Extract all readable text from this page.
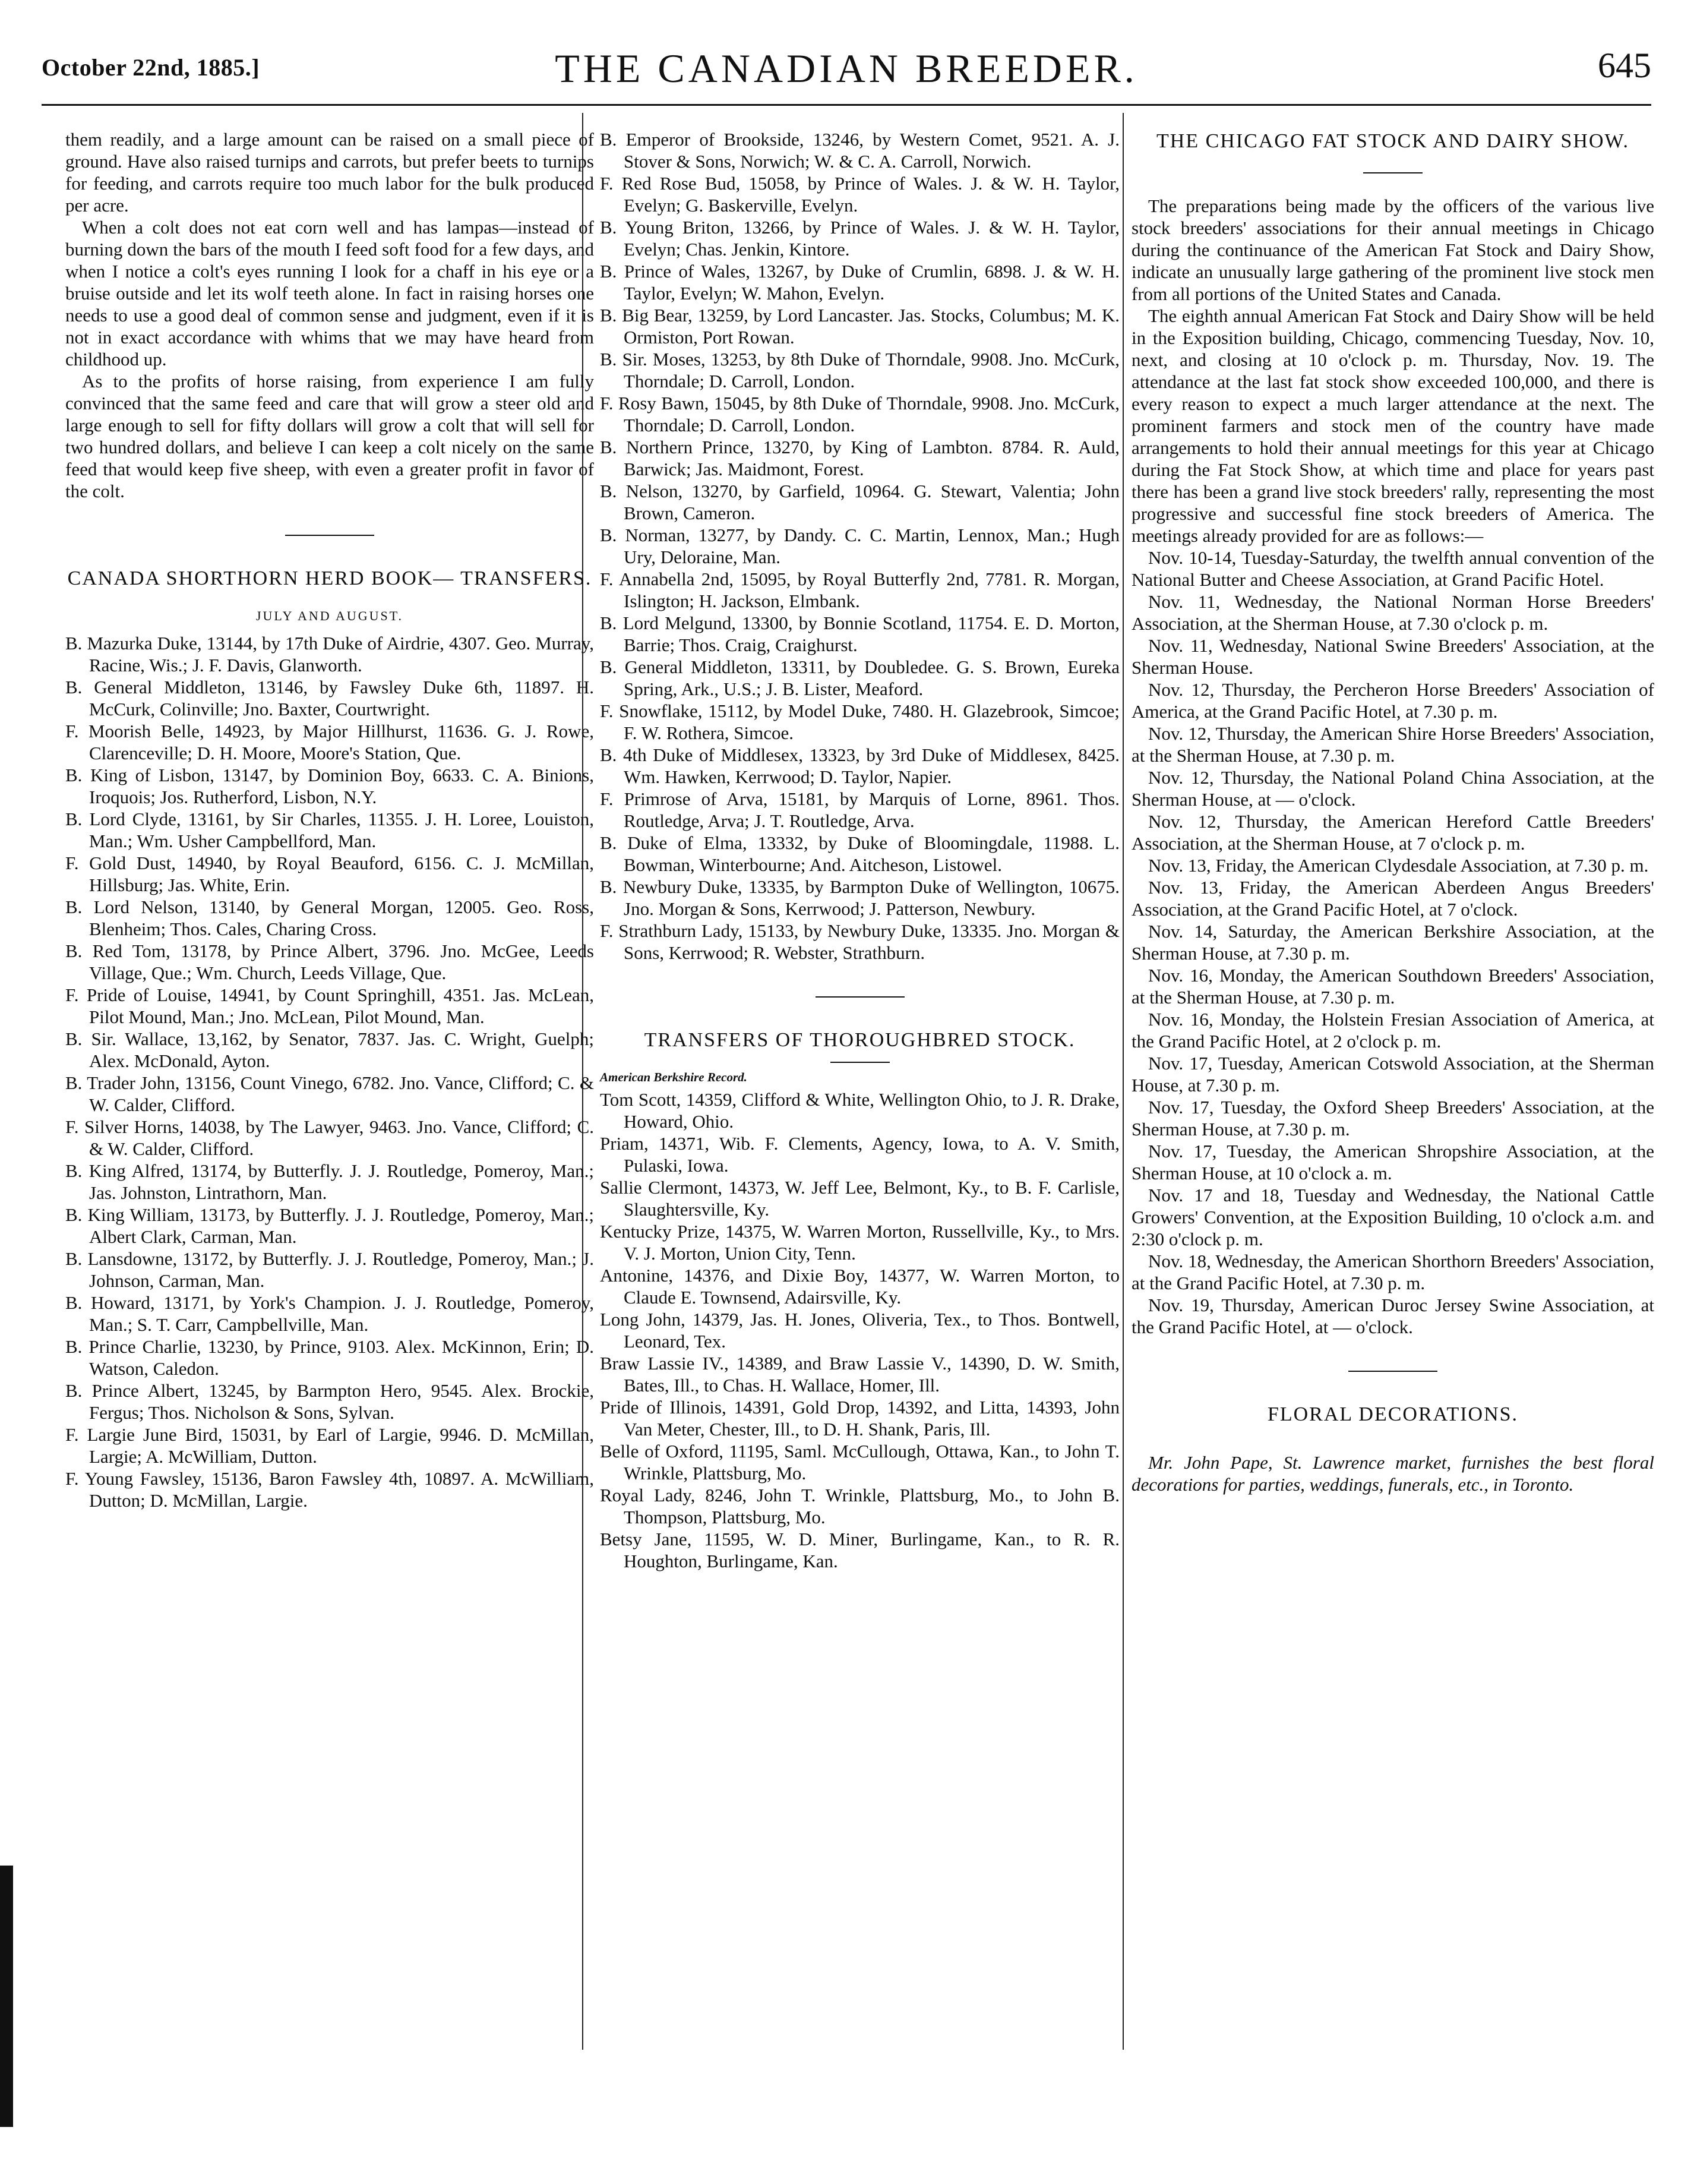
October 22nd, 1885.]	THE CANADIAN BREEDER.	645

them readily, and a large amount can be raised on a small piece of ground. Have also raised turnips and carrots, but prefer beets to turnips for feeding, and carrots require too much labor for the bulk produced per acre.

When a colt does not eat corn well and has lampas—instead of burning down the bars of the mouth I feed soft food for a few days, and when I notice a colt's eyes running I look for a chaff in his eye or a bruise outside and let its wolf teeth alone. In fact in raising horses one needs to use a good deal of common sense and judgment, even if it is not in exact accordance with whims that we may have heard from childhood up.

As to the profits of horse raising, from experience I am fully convinced that the same feed and care that will grow a steer old and large enough to sell for fifty dollars will grow a colt that will sell for two hundred dollars, and believe I can keep a colt nicely on the same feed that would keep five sheep, with even a greater profit in favor of the colt.

CANADA SHORTHORN HERD BOOK— TRANSFERS.
JULY AND AUGUST.

B. Mazurka Duke, 13144, by 17th Duke of Airdrie, 4307. Geo. Murray, Racine, Wis.; J. F. Davis, Glanworth.

B. General Middleton, 13146, by Fawsley Duke 6th, 11897. H. McCurk, Colinville; Jno. Baxter, Courtwright.

F. Moorish Belle, 14923, by Major Hillhurst, 11636. G. J. Rowe, Clarenceville; D. H. Moore, Moore's Station, Que.

B. King of Lisbon, 13147, by Dominion Boy, 6633. C. A. Binions, Iroquois; Jos. Rutherford, Lisbon, N.Y.

B. Lord Clyde, 13161, by Sir Charles, 11355. J. H. Loree, Louiston, Man.; Wm. Usher Campbellford, Man.

F. Gold Dust, 14940, by Royal Beauford, 6156. C. J. McMillan, Hillsburg; Jas. White, Erin.

B. Lord Nelson, 13140, by General Morgan, 12005. Geo. Ross, Blenheim; Thos. Cales, Charing Cross.

B. Red Tom, 13178, by Prince Albert, 3796. Jno. McGee, Leeds Village, Que.; Wm. Church, Leeds Village, Que.

F. Pride of Louise, 14941, by Count Springhill, 4351. Jas. McLean, Pilot Mound, Man.; Jno. McLean, Pilot Mound, Man.

B. Sir. Wallace, 13,162, by Senator, 7837. Jas. C. Wright, Guelph; Alex. McDonald, Ayton.

B. Trader John, 13156, Count Vinego, 6782. Jno. Vance, Clifford; C. & W. Calder, Clifford.

F. Silver Horns, 14038, by The Lawyer, 9463. Jno. Vance, Clifford; C. & W. Calder, Clifford.

B. King Alfred, 13174, by Butterfly. J. J. Routledge, Pomeroy, Man.; Jas. Johnston, Lintrathorn, Man.

B. King William, 13173, by Butterfly. J. J. Routledge, Pomeroy, Man.; Albert Clark, Carman, Man.

B. Lansdowne, 13172, by Butterfly. J. J. Routledge, Pomeroy, Man.; J. Johnson, Carman, Man.

B. Howard, 13171, by York's Champion. J. J. Routledge, Pomeroy, Man.; S. T. Carr, Campbellville, Man.

B. Prince Charlie, 13230, by Prince, 9103. Alex. McKinnon, Erin; D. Watson, Caledon.

B. Prince Albert, 13245, by Barmpton Hero, 9545. Alex. Brockie, Fergus; Thos. Nicholson & Sons, Sylvan.

F. Largie June Bird, 15031, by Earl of Largie, 9946. D. McMillan, Largie; A. McWilliam, Dutton.

F. Young Fawsley, 15136, Baron Fawsley 4th, 10897. A. McWilliam, Dutton; D. McMillan, Largie.

B. Emperor of Brookside, 13246, by Western Comet, 9521. A. J. Stover & Sons, Norwich; W. & C. A. Carroll, Norwich.

F. Red Rose Bud, 15058, by Prince of Wales. J. & W. H. Taylor, Evelyn; G. Baskerville, Evelyn.

B. Young Briton, 13266, by Prince of Wales. J. & W. H. Taylor, Evelyn; Chas. Jenkin, Kintore.

B. Prince of Wales, 13267, by Duke of Crumlin, 6898. J. & W. H. Taylor, Evelyn; W. Mahon, Evelyn.

B. Big Bear, 13259, by Lord Lancaster. Jas. Stocks, Columbus; M. K. Ormiston, Port Rowan.

B. Sir. Moses, 13253, by 8th Duke of Thorndale, 9908. Jno. McCurk, Thorndale; D. Carroll, London.

F. Rosy Bawn, 15045, by 8th Duke of Thorndale, 9908. Jno. McCurk, Thorndale; D. Carroll, London.

B. Northern Prince, 13270, by King of Lambton. 8784. R. Auld, Barwick; Jas. Maidmont, Forest.

B. Nelson, 13270, by Garfield, 10964. G. Stewart, Valentia; John Brown, Cameron.

B. Norman, 13277, by Dandy. C. C. Martin, Lennox, Man.; Hugh Ury, Deloraine, Man.

F. Annabella 2nd, 15095, by Royal Butterfly 2nd, 7781. R. Morgan, Islington; H. Jackson, Elmbank.

B. Lord Melgund, 13300, by Bonnie Scotland, 11754. E. D. Morton, Barrie; Thos. Craig, Craighurst.

B. General Middleton, 13311, by Doubledee. G. S. Brown, Eureka Spring, Ark., U.S.; J. B. Lister, Meaford.

F. Snowflake, 15112, by Model Duke, 7480. H. Glazebrook, Simcoe; F. W. Rothera, Simcoe.

B. 4th Duke of Middlesex, 13323, by 3rd Duke of Middlesex, 8425. Wm. Hawken, Kerrwood; D. Taylor, Napier.

F. Primrose of Arva, 15181, by Marquis of Lorne, 8961. Thos. Routledge, Arva; J. T. Routledge, Arva.

B. Duke of Elma, 13332, by Duke of Bloomingdale, 11988. L. Bowman, Winterbourne; And. Aitcheson, Listowel.

B. Newbury Duke, 13335, by Barmpton Duke of Wellington, 10675. Jno. Morgan & Sons, Kerrwood; J. Patterson, Newbury.

F. Strathburn Lady, 15133, by Newbury Duke, 13335. Jno. Morgan & Sons, Kerrwood; R. Webster, Strathburn.

TRANSFERS OF THOROUGHBRED STOCK.
American Berkshire Record.

Tom Scott, 14359, Clifford & White, Wellington Ohio, to J. R. Drake, Howard, Ohio.

Priam, 14371, Wib. F. Clements, Agency, Iowa, to A. V. Smith, Pulaski, Iowa.

Sallie Clermont, 14373, W. Jeff Lee, Belmont, Ky., to B. F. Carlisle, Slaughtersville, Ky.

Kentucky Prize, 14375, W. Warren Morton, Russellville, Ky., to Mrs. V. J. Morton, Union City, Tenn.

Antonine, 14376, and Dixie Boy, 14377, W. Warren Morton, to Claude E. Townsend, Adairsville, Ky.

Long John, 14379, Jas. H. Jones, Oliveria, Tex., to Thos. Bontwell, Leonard, Tex.

Braw Lassie IV., 14389, and Braw Lassie V., 14390, D. W. Smith, Bates, Ill., to Chas. H. Wallace, Homer, Ill.

Pride of Illinois, 14391, Gold Drop, 14392, and Litta, 14393, John Van Meter, Chester, Ill., to D. H. Shank, Paris, Ill.

Belle of Oxford, 11195, Saml. McCullough, Ottawa, Kan., to John T. Wrinkle, Plattsburg, Mo.

Royal Lady, 8246, John T. Wrinkle, Plattsburg, Mo., to John B. Thompson, Plattsburg, Mo.

Betsy Jane, 11595, W. D. Miner, Burlingame, Kan., to R. R. Houghton, Burlingame, Kan.

THE CHICAGO FAT STOCK AND DAIRY SHOW.

The preparations being made by the officers of the various live stock breeders' associations for their annual meetings in Chicago during the continuance of the American Fat Stock and Dairy Show, indicate an unusually large gathering of the prominent live stock men from all portions of the United States and Canada.

The eighth annual American Fat Stock and Dairy Show will be held in the Exposition building, Chicago, commencing Tuesday, Nov. 10, next, and closing at 10 o'clock p. m. Thursday, Nov. 19. The attendance at the last fat stock show exceeded 100,000, and there is every reason to expect a much larger attendance at the next. The prominent farmers and stock men of the country have made arrangements to hold their annual meetings for this year at Chicago during the Fat Stock Show, at which time and place for years past there has been a grand live stock breeders' rally, representing the most progressive and successful fine stock breeders of America. The meetings already provided for are as follows:—

Nov. 10-14, Tuesday-Saturday, the twelfth annual convention of the National Butter and Cheese Association, at Grand Pacific Hotel.

Nov. 11, Wednesday, the National Norman Horse Breeders' Association, at the Sherman House, at 7.30 o'clock p. m.

Nov. 11, Wednesday, National Swine Breeders' Association, at the Sherman House.

Nov. 12, Thursday, the Percheron Horse Breeders' Association of America, at the Grand Pacific Hotel, at 7.30 p. m.

Nov. 12, Thursday, the American Shire Horse Breeders' Association, at the Sherman House, at 7.30 p. m.

Nov. 12, Thursday, the National Poland China Association, at the Sherman House, at — o'clock.

Nov. 12, Thursday, the American Hereford Cattle Breeders' Association, at the Sherman House, at 7 o'clock p. m.

Nov. 13, Friday, the American Clydesdale Association, at 7.30 p. m.

Nov. 13, Friday, the American Aberdeen Angus Breeders' Association, at the Grand Pacific Hotel, at 7 o'clock.

Nov. 14, Saturday, the American Berkshire Association, at the Sherman House, at 7.30 p. m.

Nov. 16, Monday, the American Southdown Breeders' Association, at the Sherman House, at 7.30 p. m.

Nov. 16, Monday, the Holstein Fresian Association of America, at the Grand Pacific Hotel, at 2 o'clock p. m.

Nov. 17, Tuesday, American Cotswold Association, at the Sherman House, at 7.30 p. m.

Nov. 17, Tuesday, the Oxford Sheep Breeders' Association, at the Sherman House, at 7.30 p. m.

Nov. 17, Tuesday, the American Shropshire Association, at the Sherman House, at 10 o'clock a. m.

Nov. 17 and 18, Tuesday and Wednesday, the National Cattle Growers' Convention, at the Exposition Building, 10 o'clock a.m. and 2:30 o'clock p. m.

Nov. 18, Wednesday, the American Shorthorn Breeders' Association, at the Grand Pacific Hotel, at 7.30 p. m.

Nov. 19, Thursday, American Duroc Jersey Swine Association, at the Grand Pacific Hotel, at — o'clock.

FLORAL DECORATIONS.

Mr. John Pape, St. Lawrence market, furnishes the best floral decorations for parties, weddings, funerals, etc., in Toronto.
